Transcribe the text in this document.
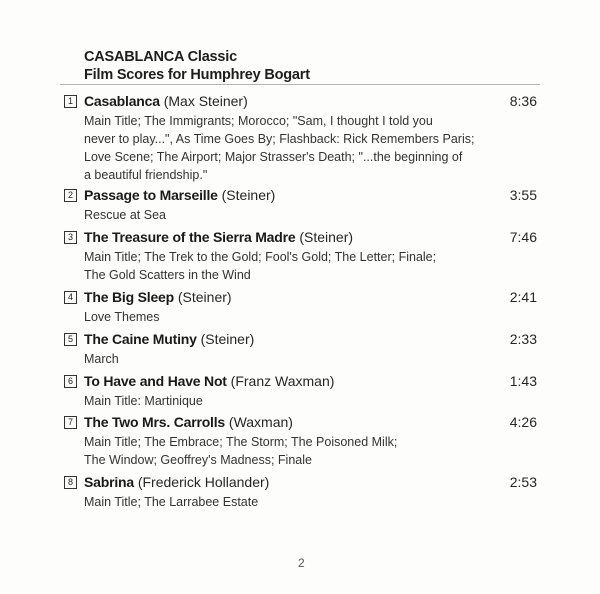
CASABLANCA Classic
Film Scores for Humphrey Bogart
1 Casablanca (Max Steiner)	8:36
Main Title; The Immigrants; Morocco; "Sam, I thought I told you
never to play...", As Time Goes By; Flashback: Rick Remembers Paris;
Love Scene; The Airport; Major Strasser's Death; "...the beginning of
a beautiful friendship."
2 Passage to Marseille (Steiner)	3:55
Rescue at Sea
3 The Treasure of the Sierra Madre (Steiner)	7:46
Main Title; The Trek to the Gold; Fool's Gold; The Letter; Finale;
The Gold Scatters in the Wind
4 The Big Sleep (Steiner)	2:41
Love Themes
5 The Caine Mutiny (Steiner)	2:33
March
6 To Have and Have Not (Franz Waxman)	1:43
Main Title: Martinique
7 The Two Mrs. Carrolls (Waxman)	4:26
Main Title; The Embrace; The Storm; The Poisoned Milk;
The Window; Geoffrey's Madness; Finale
8 Sabrina (Frederick Hollander)	2:53
Main Title; The Larrabee Estate
2
